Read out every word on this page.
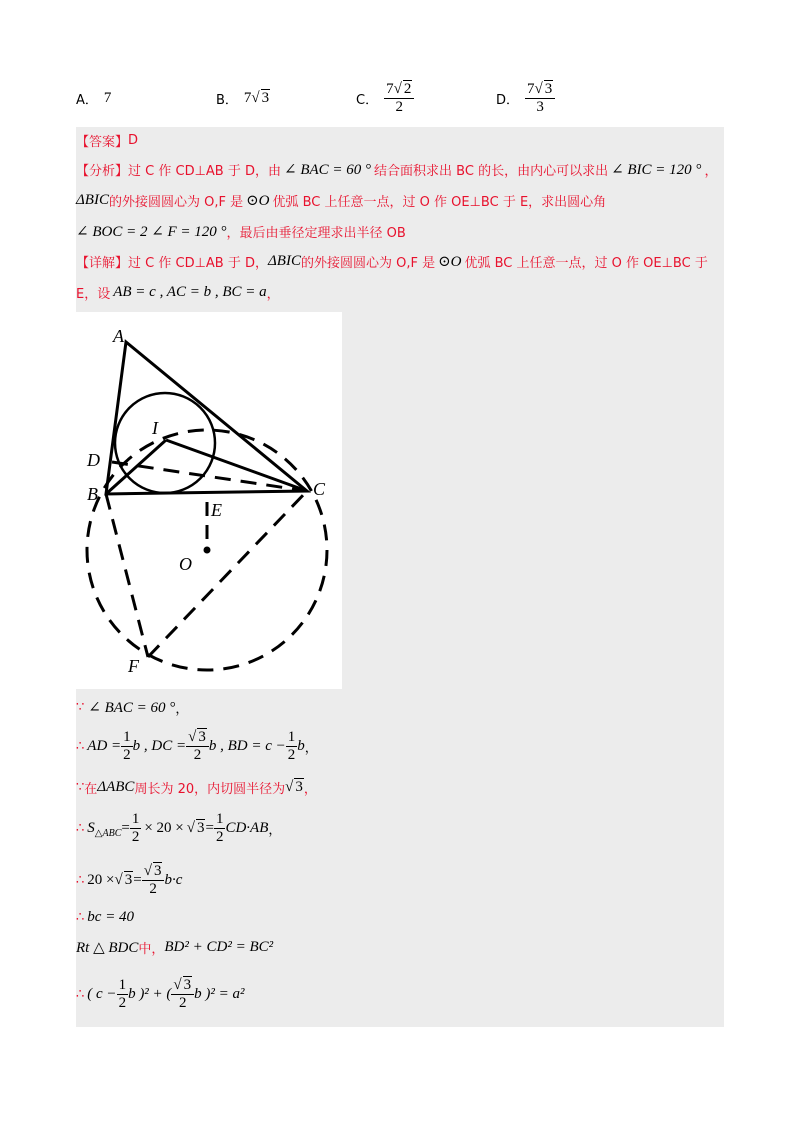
A． 7	B． 7√ 3	C． $\frac{7√ 2}{2}$	D． $\frac{7√ 3}{3}$
【答案】 D
【分析】 过 C 作 CD⊥AB 于 D，由 ∠ BAC = 60 ° 结合面积求出 BC 的长，由内心可以求出 ∠ BIC = 120 ° ，
ΔBIC 的外接圆圆心为 O,F 是 ⊙O 优弧 BC 上任意一点，过 O 作 OE⊥BC 于 E，求出圆心角
∠ BOC = 2 ∠ F = 120 ° ，最后由垂径定理求出半径 OB
【详解】 过 C 作 CD⊥AB 于 D， ΔBIC 的外接圆圆心为 O,F 是 ⊙O 优弧 BC 上任意一点，过 O 作 OE⊥BC 于
E，设 AB = c , AC = b , BC = a ，
A
B	C
D
E
F
I
O
∵ ∠ BAC = 60 ° ，
∴ AD = $\frac{1}{2}$ b , DC = $\frac{√ 3}{2}$ b , BD = $c - \frac{1}{2}$ b ，
∵ 在 ΔABC 周长为 20，内切圆半径为 √ 3 ，
∴ S △ABC = $\frac{1}{2} \times 20$ × √ $3 = \frac{1}{2} CD\cdot AB$ ，
∴ 20 × √ $3 = \frac{√ 3}{2} b\cdot c$
∴ bc = 40
Rt △ BDC 中， BD² + CD² = BC²
∴ ( $c - \frac{1}{2}$ b )² + ( $\frac{√ 3}{2}$ b )² = a²
